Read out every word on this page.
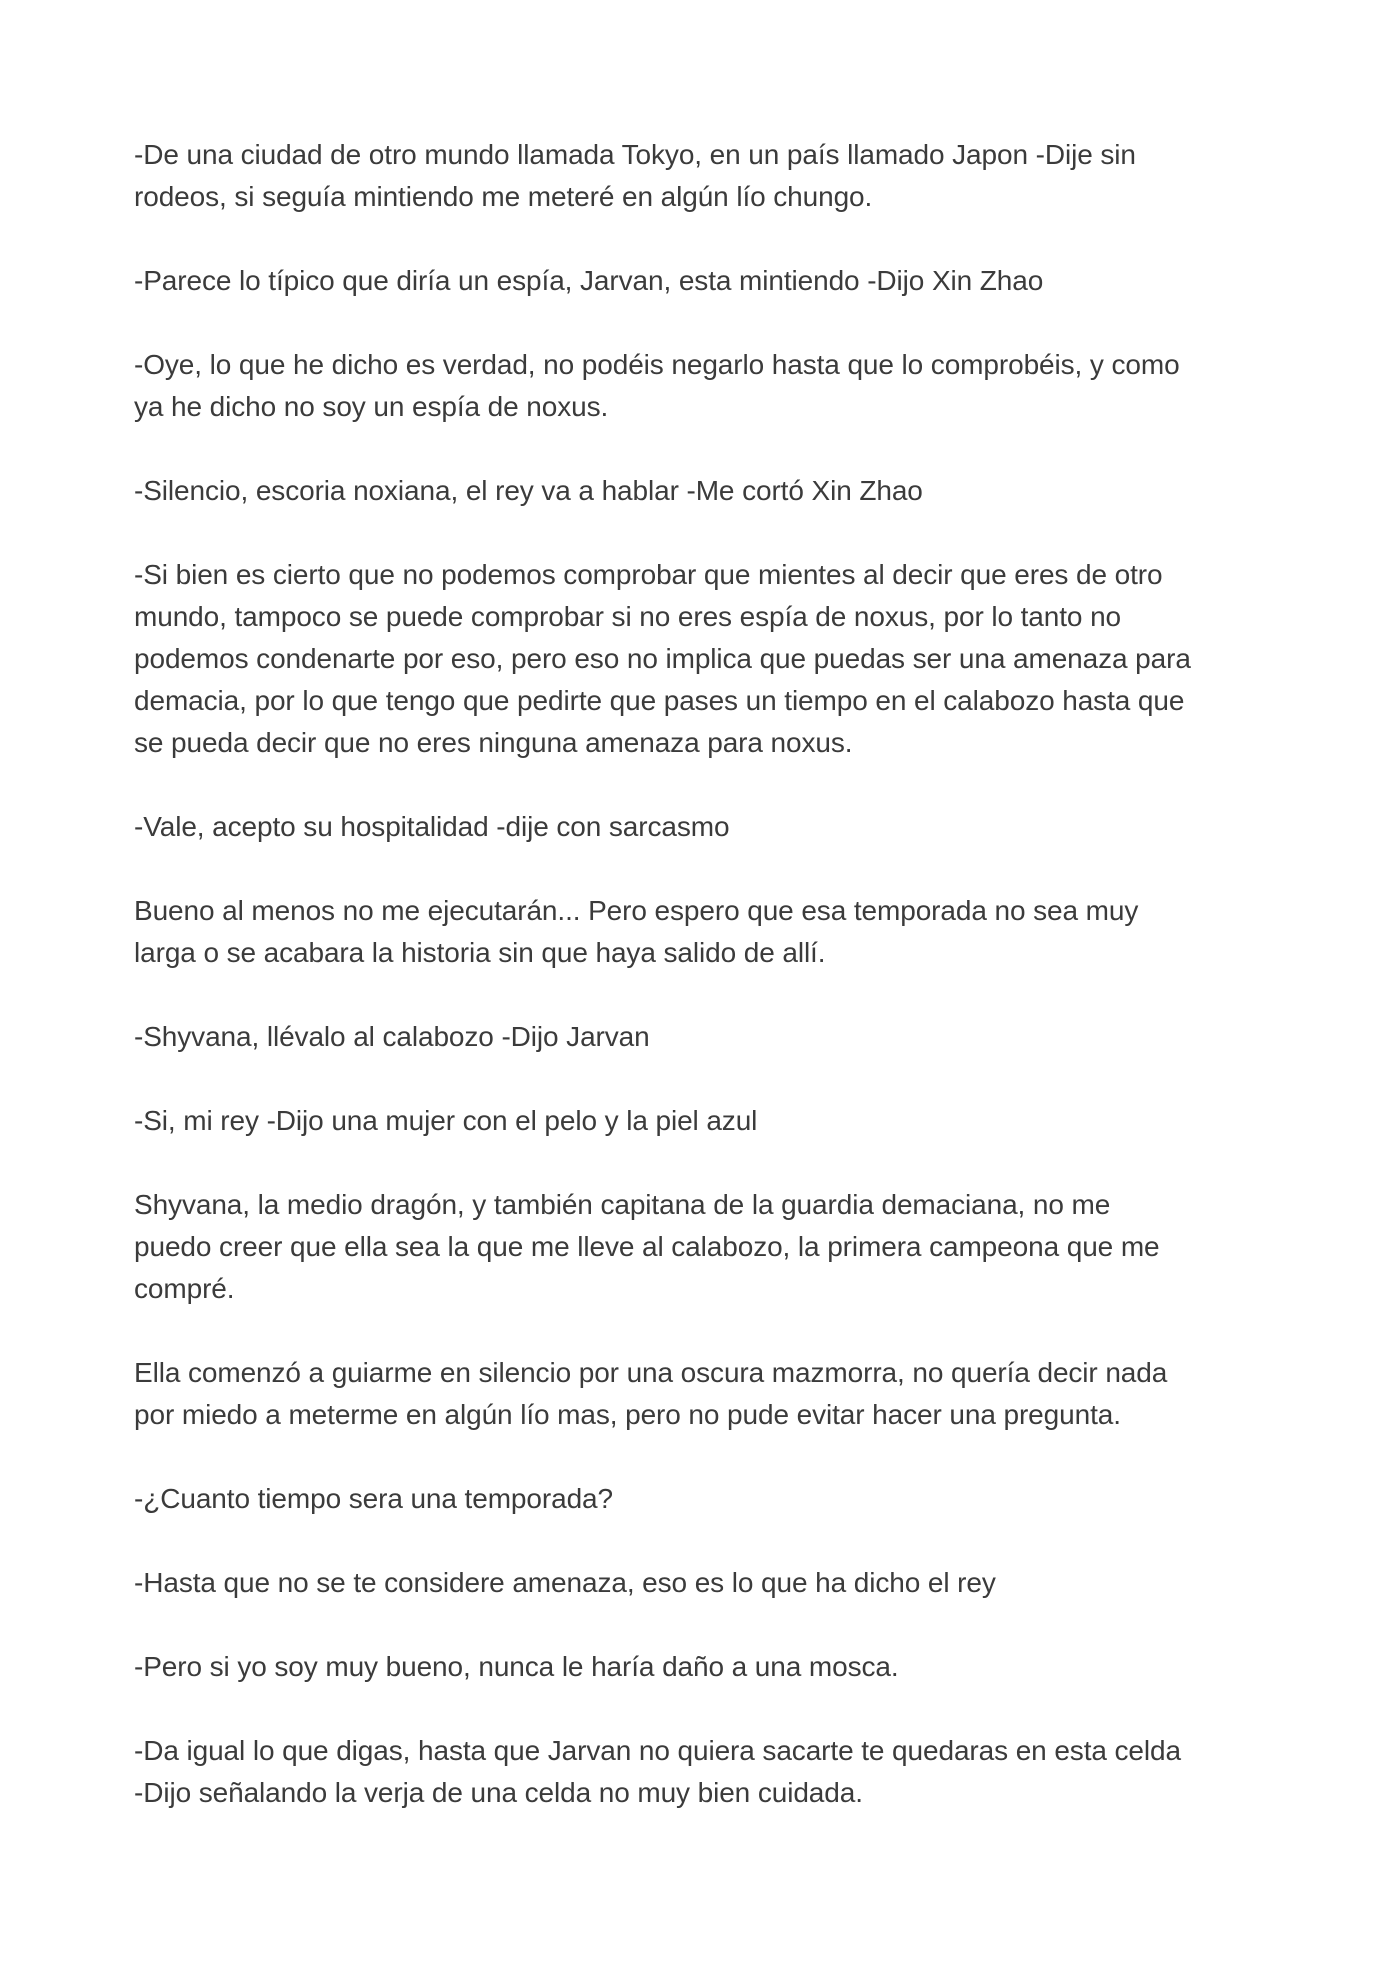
-De una ciudad de otro mundo llamada Tokyo, en un país llamado Japon -Dije sin
rodeos, si seguía mintiendo me meteré en algún lío chungo.

-Parece lo típico que diría un espía, Jarvan, esta mintiendo -Dijo Xin Zhao

-Oye, lo que he dicho es verdad, no podéis negarlo hasta que lo comprobéis, y como
ya he dicho no soy un espía de noxus.

-Silencio, escoria noxiana, el rey va a hablar -Me cortó Xin Zhao

-Si bien es cierto que no podemos comprobar que mientes al decir que eres de otro
mundo, tampoco se puede comprobar si no eres espía de noxus, por lo tanto no
podemos condenarte por eso, pero eso no implica que puedas ser una amenaza para
demacia, por lo que tengo que pedirte que pases un tiempo en el calabozo hasta que
se pueda decir que no eres ninguna amenaza para noxus.

-Vale, acepto su hospitalidad -dije con sarcasmo

Bueno al menos no me ejecutarán... Pero espero que esa temporada no sea muy
larga o se acabara la historia sin que haya salido de allí.

-Shyvana, llévalo al calabozo -Dijo Jarvan

-Si, mi rey -Dijo una mujer con el pelo y la piel azul

Shyvana, la medio dragón, y también capitana de la guardia demaciana, no me
puedo creer que ella sea la que me lleve al calabozo, la primera campeona que me
compré.

Ella comenzó a guiarme en silencio por una oscura mazmorra, no quería decir nada
por miedo a meterme en algún lío mas, pero no pude evitar hacer una pregunta.

-¿Cuanto tiempo sera una temporada?

-Hasta que no se te considere amenaza, eso es lo que ha dicho el rey

-Pero si yo soy muy bueno, nunca le haría daño a una mosca.

-Da igual lo que digas, hasta que Jarvan no quiera sacarte te quedaras en esta celda
-Dijo señalando la verja de una celda no muy bien cuidada.
